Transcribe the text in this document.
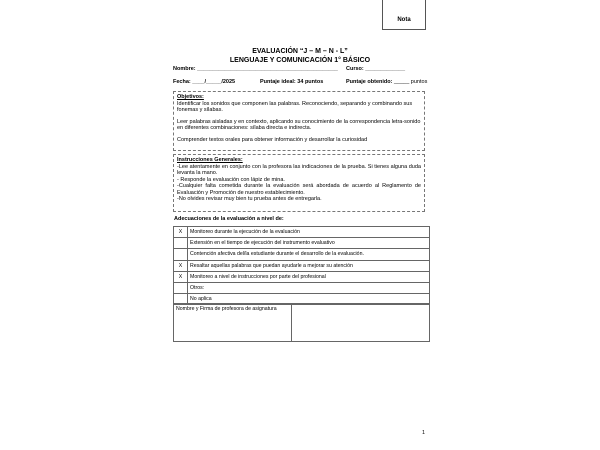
Nota
EVALUACIÓN “J – M – N - L”
LENGUAJE Y COMUNICACIÓN 1° BÁSICO
Nombre: ______________________________________________ Curso: _____________
Fecha: ____/_____/2025	Puntaje ideal: 34 puntos	Puntaje obtenido: _____ puntos
Objetivos:

Identificar los sonidos que componen las palabras. Reconociendo, separando y combinando sus fonemas y sílabas.

Leer palabras aisladas y en contexto, aplicando su conocimiento de la correspondencia letra-sonido en diferentes combinaciones: sílaba directa e indirecta.

Comprender textos orales para obtener información y desarrollar la curiosidad

Instrucciones Generales:
-Lee atentamente en conjunto con la profesora las indicaciones de la prueba. Si tienes alguna duda levanta la mano.
- Responde la evaluación con lápiz de mina.
-Cualquier falta cometida durante la evaluación será abordada de acuerdo al Reglamento de Evaluación y Promoción de nuestro establecimiento.
-No olvides revisar muy bien tu prueba antes de entregarla.
Adecuaciones de la evaluación a nivel de:
X	Monitoreo durante la ejecución de la evaluación
	Extensión en el tiempo de ejecución del instrumento evaluativo
	Contención afectiva del/la estudiante durante el desarrollo de la evaluación.
X	Resaltar aquellas palabras que puedan ayudarle a mejorar su atención
X	Monitoreo a nivel de instrucciones por parte del profesional
	Otros:
	No aplica
Nombre y Firma de profesora de asignatura	
1
